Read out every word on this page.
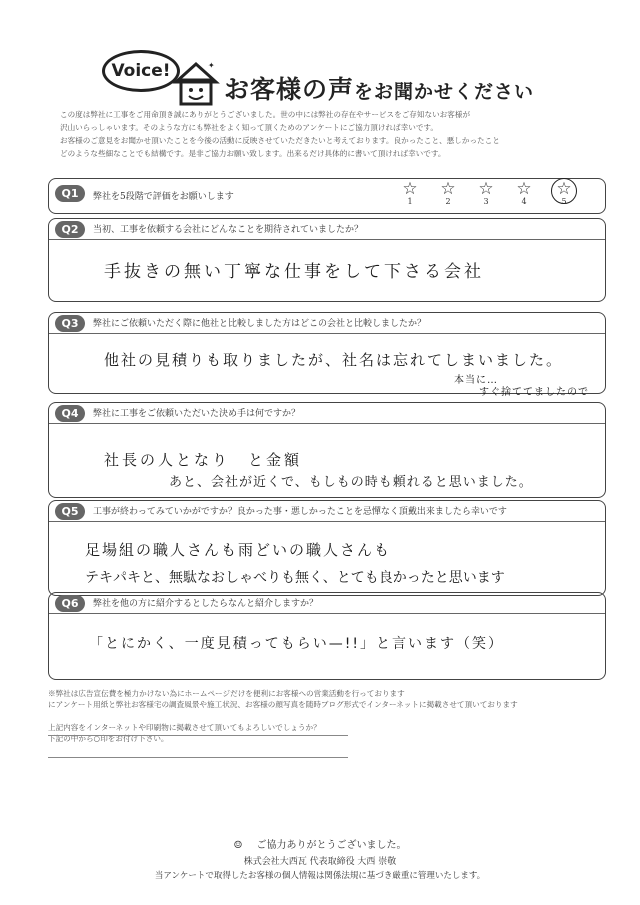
Voice!	✦
お客様の声をお聞かせください

この度は弊社に工事をご用命頂き誠にありがとうございました。世の中には弊社の存在やサービスをご存知ないお客様が

沢山いらっしゃいます。そのような方にも弊社をよく知って頂くためのアンケートにご協力頂ければ幸いです。

お客様のご意見をお聞かせ頂いたことを今後の活動に反映させていただきたいと考えております。良かったこと、悪しかったこと

どのような些細なことでも結構です。是非ご協力お願い致します。出来るだけ具体的に書いて頂ければ幸いです。

Q1	弊社を5段階で評価をお願いします	☆
1
☆
2
☆
3
☆
4
☆
5
Q2	当初、工事を依頼する会社にどんなことを期待されていましたか？
手抜きの無い丁寧な仕事をして下さる会社
Q3	弊社にご依頼いただく際に他社と比較しました方はどこの会社と比較しましたか？
他社の見積りも取りましたが、社名は忘れてしまいました。
本当に…
すぐ捨ててましたので
Q4	弊社に工事をご依頼いただいた決め手は何ですか？
社長の人となり　と金額
あと、会社が近くで、もしもの時も頼れると思いました。
Q5	工事が終わってみていかがですか？良かった事・悪しかったことを忌憚なく頂戴出来ましたら幸いです
足場組の職人さんも雨どいの職人さんも
テキパキと、無駄なおしゃべりも無く、とても良かったと思います
Q6	弊社を他の方に紹介するとしたらなんと紹介しますか？
「とにかく、一度見積ってもらい—!!」と言います（笑）

※弊社は広告宣伝費を極力かけない為にホームページだけを便利にお客様への営業活動を行っております

にアンケート用紙と弊社お客様宅の調査風景や施工状況、お客様の顔写真を随時ブログ形式でインターネットに掲載させて頂いております

上記内容をインターネットや印刷物に掲載させて頂いてもよろしいでしょうか？

下記の中から○印をお付け下さい。

☺ ご協力ありがとうございました。
株式会社大西瓦 代表取締役 大西 崇敬
当アンケートで取得したお客様の個人情報は関係法規に基づき厳重に管理いたします。
